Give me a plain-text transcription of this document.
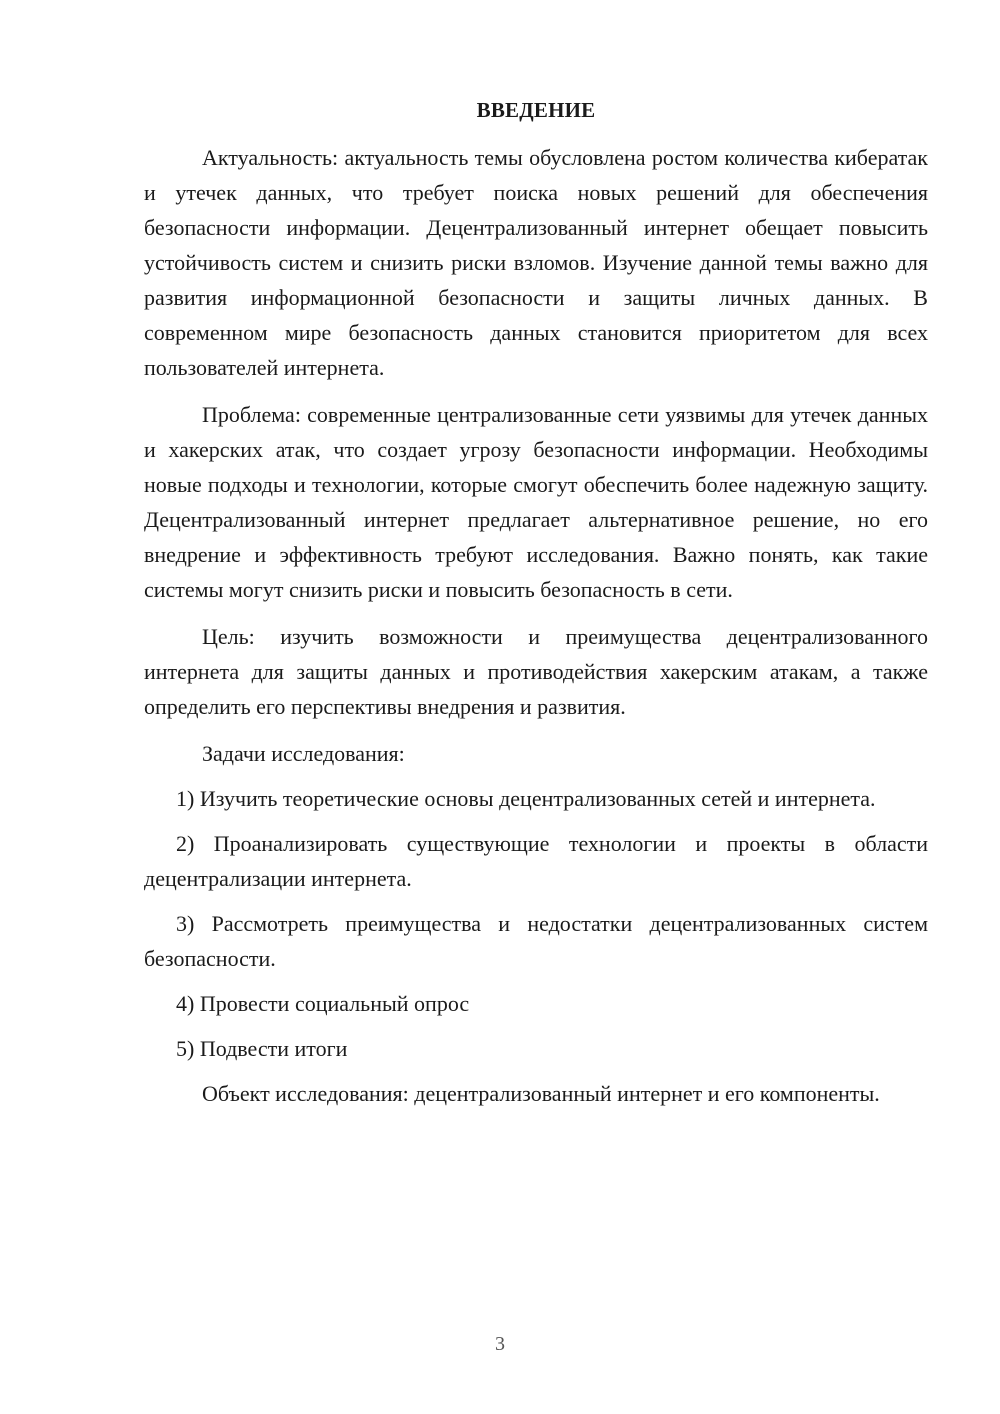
ВВЕДЕНИЕ

Актуальность: актуальность темы обусловлена ростом количества кибератак и утечек данных, что требует поиска новых решений для обеспечения безопасности информации. Децентрализованный интернет обещает повысить устойчивость систем и снизить риски взломов. Изучение данной темы важно для развития информационной безопасности и защиты личных данных. В современном мире безопасность данных становится приоритетом для всех пользователей интернета.

Проблема: современные централизованные сети уязвимы для утечек данных и хакерских атак, что создает угрозу безопасности информации. Необходимы новые подходы и технологии, которые смогут обеспечить более надежную защиту. Децентрализованный интернет предлагает альтернативное решение, но его внедрение и эффективность требуют исследования. Важно понять, как такие системы могут снизить риски и повысить безопасность в сети.

Цель: изучить возможности и преимущества децентрализованного интернета для защиты данных и противодействия хакерским атакам, а также определить его перспективы внедрения и развития.

Задачи исследования:

1) Изучить теоретические основы децентрализованных сетей и интернета.

2) Проанализировать существующие технологии и проекты в области децентрализации интернета.

3) Рассмотреть преимущества и недостатки децентрализованных систем безопасности.

4) Провести социальный опрос

5) Подвести итоги

Объект исследования: децентрализованный интернет и его компоненты.

3
